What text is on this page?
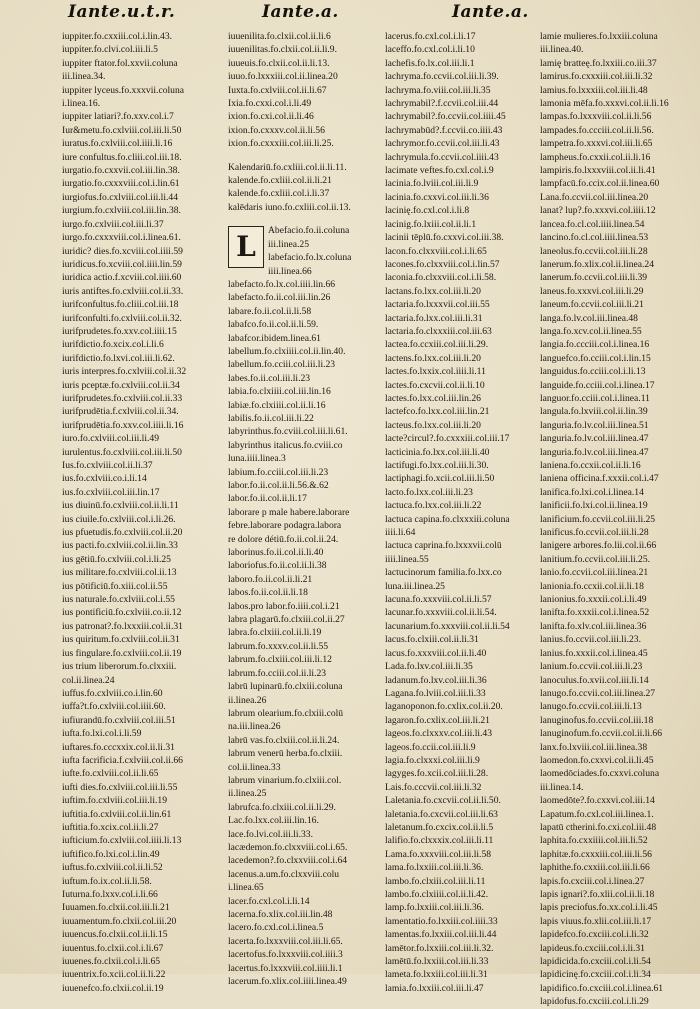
Iante.u.t.r.	Iante.a.	Iante.a.
iuppiter.fo.cxxiii.col.i.lin.43.
iuppiter.fo.clvi.col.iii.li.5
iuppiter ftator.fol.xxvii.coluna
iii.linea.34.
iuppiter lyceus.fo.xxxvii.coluna
i.linea.16.
iuppiter latiari?.fo.xxv.col.i.7
Iur&metu.fo.cxlviii.col.iii.li.50
iuratus.fo.cxlviii.col.iiii.li.16
iure confultus.fo.cliii.col.iii.18.
iurgatio.fo.cxxvii.col.iii.lin.38.
iurgatio.fo.cxxxviii.col.i.lin.61
iurgiofus.fo.cxlviii.col.iii.li.44
iurgium.fo.cxlviii.col.iii.lin.38.
iurgo.fo.cxlviii.col.iii.li.37
iurgo.fo.cxxxviii.col.i.linea.61.
iuridic? dies.fo.xcviii.col.iiii.59
iuridicus.fo.xcviii.col.iiii.lin.59
iuridica actio.f.xcviii.col.iiii.60
iuris antiftes.fo.cxlviii.col.ii.33.
iurifconfultus.fo.cliii.col.iii.18
iurifconfulti.fo.cxlviii.col.ii.32.
iurifprudetes.fo.xxv.col.iiii.15
iurifdictio.fo.xcix.col.i.li.6
iurifdictio.fo.lxvi.col.iii.li.62.
iuris interpres.fo.cxlviii.col.ii.32
iuris pceptæ.fo.cxlviii.col.ii.34
iurifprudetes.fo.cxlviii.col.ii.33
iurifprudētia.f.cxlviii.col.ii.34.
iurifprudētia.fo.xxv.col.iiii.li.16
iuro.fo.cxlviii.col.iii.li.49
iurulentus.fo.cxlviii.col.iii.li.50
Ius.fo.cxlviii.col.ii.li.37
ius.fo.cxlviii.co.i.li.14
ius.fo.cxlviii.col.iii.lin.17
ius diuinū.fo.cxlviii.col.ii.li.11
ius ciuile.fo.cxlviii.col.i.li.26.
ius pfuetudis.fo.cxlviii.col.ii.20
ius pacti.fo.cxlviii.col.ii.lin.33
ius gētiū.fo.cxlviii.col.i.li.25
ius militare.fo.cxlviii.col.ii.13
ius pōtificiū.fo.xiii.col.ii.55
ius naturale.fo.cxlviii.col.i.55
ius pontificiū.fo.cxlviii.co.ii.12
ius patronat?.fo.lxxxiii.col.ii.31
ius quiritum.fo.cxlviii.col.ii.31
ius fingulare.fo.cxlviii.col.ii.19
ius trium liberorum.fo.clxxiii.
col.ii.linea.24
iuffus.fo.cxlviii.co.i.lin.60
iuffa?t.fo.cxlviii.col.iiii.60.
iufiurandū.fo.cxlviii.col.iii.51
iufta.fo.lxi.col.i.li.59
iuftares.fo.cccxxix.col.ii.li.31
iufta facrificia.f.cxlviii.col.ii.66
iufte.fo.cxlviii.col.ii.li.65
iufti dies.fo.cxlviii.col.iii.li.55
iuftim.fo.cxlviii.col.iii.li.19
iuftitia.fo.cxlviii.col.ii.lin.61
iuftitia.fo.xcix.col.ii.li.27
iufticium.fo.cxlviii.col.iiii.li.13
iuftifico.fo.lxi.col.i.lin.49
iuftus.fo.cxlviii.col.ii.li.52
iuftum.fo.ix.col.ii.li.58.
Iuturna.fo.lxxv.col.i.li.66
Iuuamen.fo.clxii.col.iii.li.21
iuuamentum.fo.clxii.col.iii.20
iuuencus.fo.clxii.col.ii.li.15
iuuentus.fo.clxii.col.i.li.67
iuuenes.fo.clxii.col.i.li.65
iuuentrix.fo.xcii.col.ii.li.22
iuuenefco.fo.clxii.col.ii.19
iuuenilita.fo.clxii.col.ii.li.6
iuuenilitas.fo.clxii.col.ii.li.9.
iuueuis.fo.clxii.col.ii.li.13.
iuuo.fo.lxxxiii.col.ii.linea.20
Iuxta.fo.cxlviii.col.ii.li.67
Ixia.fo.cxxi.col.i.li.49
ixion.fo.cxi.col.ii.li.46
ixion.fo.cxxxv.col.ii.li.56
ixion.fo.cxxxiii.col.iii.li.25.
Kalendariū.fo.cxliii.col.ii.li.11.
kalende.fo.cxliii.col.ii.li.21
kalende.fo.cxliii.col.i.li.37
kalēdaris iuno.fo.cxliii.col.ii.13.
L	Abefacio.fo.ii.coluna
iii.linea.25
labefacio.fo.lx.coluna
iiii.linea.66
labefacto.fo.lx.col.iiii.lin.66
labefacto.fo.ii.col.iii.lin.26
labare.fo.ii.col.ii.li.58
labafco.fo.ii.col.ii.li.59.
labafcor.ibidem.linea.61
labellum.fo.clxiiii.col.ii.lin.40.
labellum.fo.cciii.col.iii.li.23
labes.fo.ii.col.iii.li.23
labia.fo.clxiiii.col.iii.lin.16
labiæ.fo.clxiiii.col.ii.li.16
labilis.fo.ii.col.iii.li.22
labyrinthus.fo.cviii.col.iii.li.61.
labyrinthus italicus.fo.cviii.co
luna.iiii.linea.3
labium.fo.cciii.col.iii.li.23
labor.fo.ii.col.ii.li.56.&.62
labor.fo.ii.col.ii.li.17
laborare p male habere.laborare
febre.laborare podagra.labora
re dolore détiū.fo.ii.col.ii.24.
laborinus.fo.ii.col.ii.li.40
laboriofus.fo.ii.col.ii.li.38
laboro.fo.ii.col.ii.li.21
labos.fo.ii.col.ii.li.18
labos.pro labor.fo.iiii.col.i.21
labra plagarū.fo.clxiii.col.ii.27
labra.fo.clxiii.col.ii.li.19
labrum.fo.xxxv.col.ii.li.55
labrum.fo.clxiii.col.iii.li.12
labrum.fo.cciii.col.ii.li.23
labrū lupinarū.fo.clxiii.coluna
ii.linea.26
labrum olearium.fo.clxiii.colū
na.iii.linea.26
labrū vas.fo.clxiii.col.ii.li.24.
labrum venerū herba.fo.clxiii.
col.ii.linea.33
labrum vinarium.fo.clxiii.col.
ii.linea.25
labrufca.fo.clxiii.col.ii.li.29.
Lac.fo.lxx.col.iii.lin.16.
lace.fo.lvi.col.iii.li.33.
lacædemon.fo.clxxviii.col.i.65.
lacedemon?.fo.clxxviii.col.i.64
lacenus.a.um.fo.clxxviii.colu
i.linea.65
lacer.fo.cxl.col.i.li.14
lacerna.fo.xlix.col.iii.lin.48
lacero.fo.cxl.col.i.linea.5
lacerta.fo.lxxxviii.col.iii.li.65.
lacertofus.fo.lxxxviii.col.iiii.3
lacertus.fo.lxxxviii.col.iiii.li.1
lacerum.fo.xlix.col.iiii.linea.49
lacerus.fo.cxl.col.i.li.17
laceffo.fo.cxl.col.i.li.10
lachefis.fo.lx.col.iii.li.1
lachryma.fo.ccvii.col.iii.li.39.
lachryma.fo.viii.col.iii.li.35
lachrymabil?.f.ccvii.col.iii.44
lachrymabil?.fo.ccvii.col.iiii.45
lachrymabūd?.f.ccvii.co.iiii.43
lachrymor.fo.ccvii.col.iii.li.43
lachrymula.fo.ccvii.col.iiii.43
lacimate veftes.fo.cxl.col.i.9
lacinia.fo.lviii.col.iii.li.9
lacinia.fo.cxxvi.col.iii.li.36
lacinię.fo.cxl.col.i.li.8
lacinig.fo.lxiii.col.ii.li.1
lacinii tēplū.fo.cxxvi.col.iii.38.
lacon.fo.clxxviii.col.i.li.65
lacones.fo.clxxviii.col.i.lin.57
laconia.fo.clxxviii.col.i.li.58.
lactans.fo.lxx.col.iii.li.20
lactaria.fo.lxxxvii.col.iii.55
lactaria.fo.lxx.col.iii.li.31
lactaria.fo.clxxxiii.col.iii.63
lactea.fo.ccxiii.col.iii.li.29.
lactens.fo.lxx.col.iii.li.20
lactes.fo.lxxix.col.iiii.li.11
lactes.fo.cxcvii.col.ii.li.10
lactes.fo.lxx.col.iii.lin.26
lactefco.fo.lxx.col.iii.lin.21
lacteus.fo.lxx.col.iii.li.20
lacte?circul?.fo.cxxxiii.col.iii.17
lacticinia.fo.lxx.col.iii.li.40
lactifugi.fo.lxx.col.iii.li.30.
lactiphagi.fo.xcii.col.iii.li.50
lacto.fo.lxx.col.iii.li.23
lactuca.fo.lxx.col.iii.li.22
lactuca capina.fo.clxxxiii.coluna
iiii.li.64
lactuca caprina.fo.lxxxvii.colū
iiii.linea.55
lactucinorum familia.fo.lxx.co
luna.iii.linea.25
lacuna.fo.xxxviii.col.ii.li.57
lacunar.fo.xxxviii.col.ii.li.54.
lacunarium.fo.xxxviii.col.ii.li.54
lacus.fo.clxiii.col.ii.li.31
lacus.fo.xxxviii.col.ii.li.40
Lada.fo.lxv.col.iii.li.35
ladanum.fo.lxv.col.iii.li.36
Lagana.fo.lviii.col.iii.li.33
laganoponon.fo.cxlix.col.ii.20.
lagaron.fo.cxlix.col.iii.li.21
lageos.fo.clxxxv.col.iii.li.43
lageos.fo.ccii.col.iii.li.9
lagia.fo.clxxxi.col.iii.li.9
lagyges.fo.xcii.col.iii.li.28.
Lais.fo.cccvii.col.iii.li.32
Laletania.fo.cxcvii.col.ii.li.50.
laletania.fo.cxcvii.col.iii.li.63
laletanum.fo.cxcix.col.ii.li.5
lalifio.fo.clxxxix.col.iii.li.11
Lama.fo.xxxviii.col.iii.li.58
lama.fo.lxxiii.col.iii.li.36.
lambo.fo.clxiii.col.iii.li.11
lambo.fo.clxiiii.col.ii.li.42.
lamp.fo.lxxiii.col.iii.li.36.
lamentatio.fo.lxxiii.col.iiii.33
lamentas.fo.lxxiii.col.iii.li.44
lamētor.fo.lxxiii.col.iii.li.32.
lamētū.fo.lxxiii.col.iii.li.33
lameta.fo.lxxiii.col.iii.li.31
lamia.fo.lxxiii.col.iii.li.47
lamie mulieres.fo.lxxiii.coluna
iii.linea.40.
lamię bratteę.fo.lxxiii.co.iii.37
lamirus.fo.cxxxiii.col.iii.li.32
lamius.fo.lxxxiii.col.iii.li.48
lamonia mēfa.fo.xxxvi.col.ii.li.16
lampas.fo.lxxxviii.col.ii.li.56
lampades.fo.ccciii.col.ii.li.56.
lampetra.fo.xxxvi.col.iii.li.65
lampheus.fo.cxxii.col.ii.li.16
lampiris.fo.lxxxviii.col.ii.li.41
lampfacū.fo.ccix.col.ii.linea.60
Lana.fo.ccvii.col.iii.linea.20
lanat? lup?.fo.xxxvi.col.iiii.12
lancea.fo.cl.col.iiii.linea.54
lancino.fo.cl.col.iiii.linea.53
laneolus.fo.ccvii.col.iii.li.28
lanerum.fo.xlix.col.ii.linea.24
lanerum.fo.ccvii.col.iii.li.39
laneus.fo.xxxvi.col.iii.li.29
laneum.fo.ccvii.col.iii.li.21
langa.fo.lv.col.iii.linea.48
langa.fo.xcv.col.ii.linea.55
langia.fo.ccciii.col.i.linea.16
languefco.fo.cciii.col.i.lin.15
languidus.fo.cciii.col.i.li.13
languide.fo.cciii.col.i.linea.17
languor.fo.cciii.col.i.linea.11
langula.fo.lxviii.col.ii.lin.39
languria.fo.lv.col.iii.linea.51
languria.fo.lv.col.iii.linea.47
languria.fo.lv.col.iii.linea.47
laniena.fo.ccxii.col.ii.li.16
laniena officina.f.xxxii.col.i.47
lanifica.fo.lxi.col.i.linea.14
lanificii.fo.lxi.col.ii.linea.19
lanificium.fo.ccvii.col.iii.li.25
lanificus.fo.ccvii.col.iii.li.28
lanigere arbores.fo.lii.col.ii.66
lanitium.fo.ccvii.col.iii.li.25.
lanio.fo.ccvii.col.iii.linea.21
lanionia.fo.ccxii.col.ii.li.18
lanionius.fo.xxxii.col.i.li.49
lanifta.fo.xxxii.col.i.linea.52
lanifta.fo.xlv.col.iii.linea.36
lanius.fo.ccvii.col.iii.li.23.
lanius.fo.xxxii.col.i.linea.45
lanium.fo.ccvii.col.iii.li.23
lanoculus.fo.xvii.col.iii.li.14
lanugo.fo.ccvii.col.iii.linea.27
lanugo.fo.ccvii.col.iii.li.13
lanuginofus.fo.ccvii.col.iii.18
lanuginofum.fo.ccvii.col.ii.li.66
lanx.fo.lxviii.col.iii.linea.38
laomedon.fo.cxxvi.col.ii.li.45
laomedōciades.fo.cxxvi.coluna
iii.linea.14.
laomedōte?.fo.cxxvi.col.iii.14
Lapatum.fo.cxl.col.iii.linea.1.
lapatū ctherini.fo.cxi.col.iii.48
laphita.fo.cxxiiii.col.iii.li.52
laphitæ.fo.cxxxiii.col.iii.li.56
laphithe.fo.cxxiii.col.iii.li.66
lapis.fo.cxciii.col.i.linea.27
lapis ignari?.fo.xlii.col.ii.li.18
lapis preciofus.fo.xx.col.i.li.45
lapis viuus.fo.xlii.col.iii.li.17
lapidefco.fo.cxciii.col.i.li.32
lapideus.fo.cxciii.col.i.li.31
lapidicida.fo.cxciii.col.i.li.54
lapidicinę.fo.cxciii.col.i.li.34
lapidifico.fo.cxciii.col.i.linea.61
lapidofus.fo.cxciii.col.i.li.29
